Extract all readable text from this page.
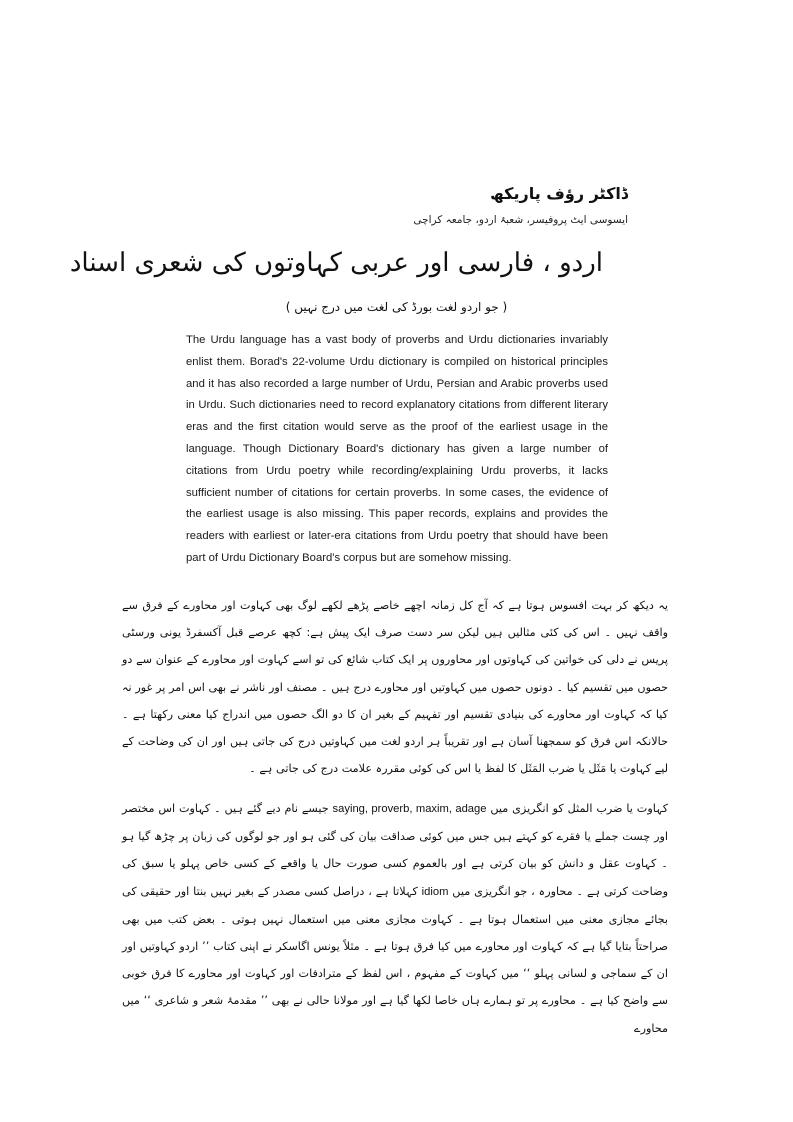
ڈاکٹر رؤف پاریکھ
ایسوسی ایٹ پروفیسر، شعبۂ اردو، جامعہ کراچی
اردو ، فارسی اور عربی کہاوتوں کی شعری اسناد
( جو اردو لغت بورڈ کی لغت میں درج نہیں )
The Urdu language has a vast body of proverbs and Urdu dictionaries invariably enlist them. Borad's 22-volume Urdu dictionary is compiled on historical principles and it has also recorded a large number of Urdu, Persian and Arabic proverbs used in Urdu. Such dictionaries need to record explanatory citations from different literary eras and the first citation would serve as the proof of the earliest usage in the language. Though Dictionary Board's dictionary has given a large number of citations from Urdu poetry while recording/explaining Urdu proverbs, it lacks sufficient number of citations for certain proverbs. In some cases, the evidence of the earliest usage is also missing. This paper records, explains and provides the readers with earliest or later-era citations from Urdu poetry that should have been part of Urdu Dictionary Board's corpus but are somehow missing.
یہ دیکھ کر بہت افسوس ہوتا ہے کہ آج کل زمانہ اچھے خاصے پڑھے لکھے لوگ بھی کہاوت اور محاورے کے فرق سے واقف نہیں ۔ اس کی کئی مثالیں ہیں لیکن سر دست صرف ایک پیش ہے: کچھ عرصے قبل آکسفرڈ یونی ورسٹی پریس نے دلی کی خواتین کی کہاوتوں اور محاوروں پر ایک کتاب شائع کی تو اسے کہاوت اور محاورے کے عنوان سے دو حصوں میں تقسیم کیا ۔ دونوں حصوں میں کہاوتیں اور محاورے درج ہیں ۔ مصنف اور ناشر نے بھی اس امر پر غور نہ کیا کہ کہاوت اور محاورے کی بنیادی تقسیم اور تفہیم کے بغیر ان کا دو الگ حصوں میں اندراج کیا معنی رکھتا ہے ۔ حالانکہ اس فرق کو سمجھنا آسان ہے اور تقریباً ہر اردو لغت میں کہاوتیں درج کی جاتی ہیں اور ان کی وضاحت کے لیے کہاوت یا مَثَل یا ضرب المَثَل کا لفظ یا اس کی کوئی مقررہ علامت درج کی جاتی ہے ۔
کہاوت یا ضرب المثل کو انگریزی میں saying, proverb, maxim, adage جیسے نام دیے گئے ہیں ۔ کہاوت اس مختصر اور چست جملے یا فقرے کو کہتے ہیں جس میں کوئی صداقت بیان کی گئی ہو اور جو لوگوں کی زبان پر چڑھ گیا ہو ۔ کہاوت عقل و دانش کو بیان کرتی ہے اور بالعموم کسی صورت حال یا واقعے کے کسی خاص پہلو یا سبق کی وضاحت کرتی ہے ۔ محاورہ ، جو انگریزی میں idiom کہلاتا ہے ، دراصل کسی مصدر کے بغیر نہیں بنتا اور حقیقی کی بجائے مجازی معنی میں استعمال ہوتا ہے ۔ کہاوت مجازی معنی میں استعمال نہیں ہوتی ۔ بعض کتب میں بھی صراحتاً بتایا گیا ہے کہ کہاوت اور محاورے میں کیا فرق ہوتا ہے ۔ مثلاً یونس اگاسکر نے اپنی کتاب ’’ اردو کہاوتیں اور ان کے سماجی و لسانی پہلو ‘‘ میں کہاوت کے مفہوم ، اس لفظ کے مترادفات اور کہاوت اور محاورے کا فرق خوبی سے واضح کیا ہے ۔ محاورے پر تو ہمارے ہاں خاصا لکھا گیا ہے اور مولانا حالی نے بھی ’’ مقدمۂ شعر و شاعری ‘‘ میں محاورے
